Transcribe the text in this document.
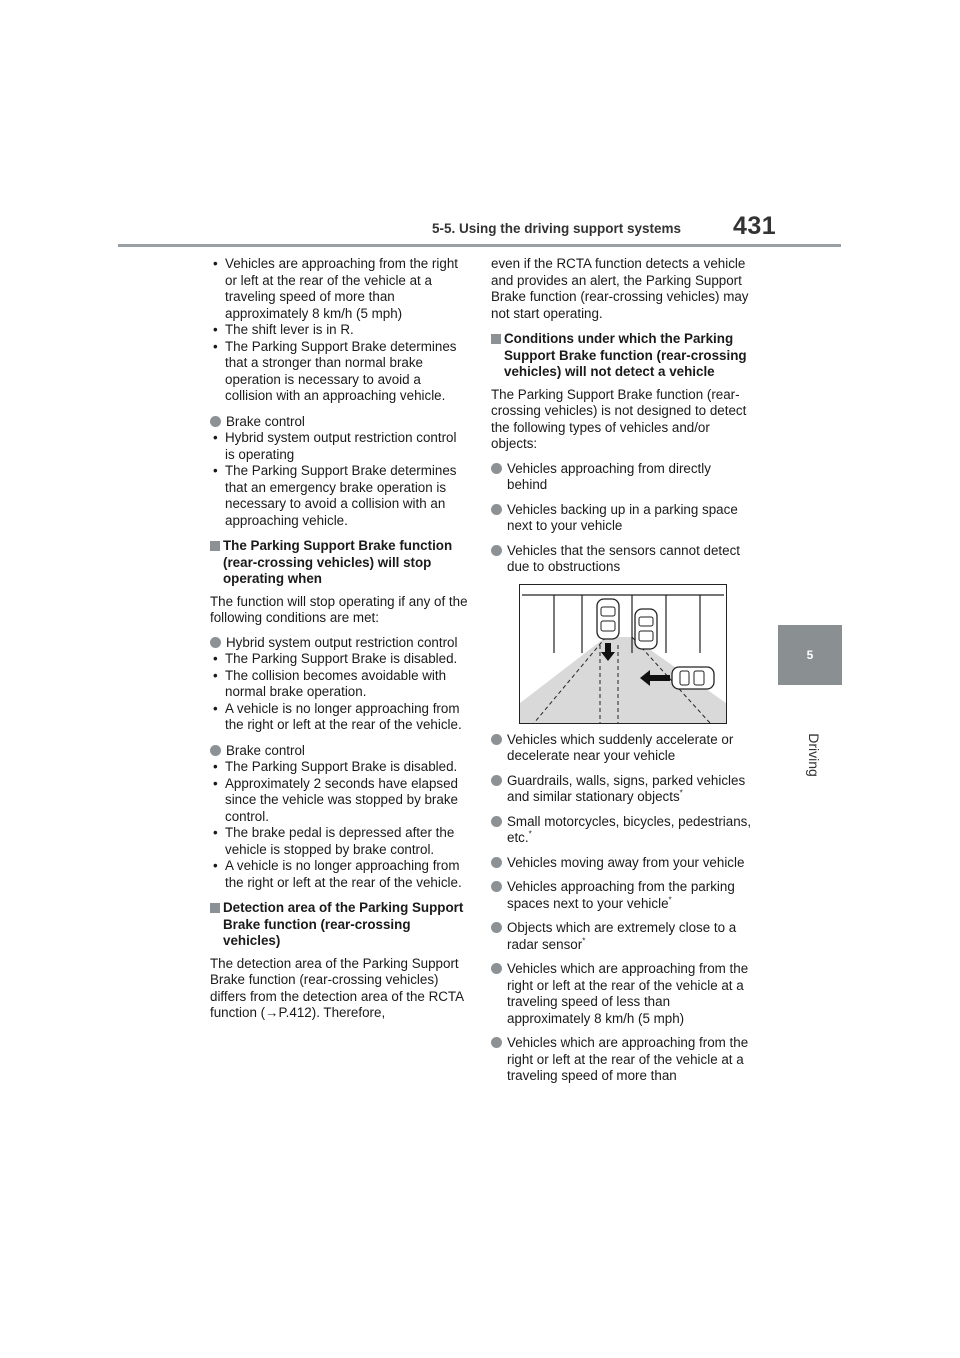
5-5. Using the driving support systems 431
5
Driving
• Vehicles are approaching from the right or left at the rear of the vehicle at a traveling speed of more than approximately 8 km/h (5 mph)
• The shift lever is in R.
• The Parking Support Brake determines that a stronger than normal brake operation is necessary to avoid a collision with an approaching vehicle.
Brake control
• Hybrid system output restriction control is operating
• The Parking Support Brake determines that an emergency brake operation is necessary to avoid a collision with an approaching vehicle.
The Parking Support Brake function (rear-crossing vehicles) will stop operating when
The function will stop operating if any of the following conditions are met:
Hybrid system output restriction control
• The Parking Support Brake is disabled.
• The collision becomes avoidable with normal brake operation.
• A vehicle is no longer approaching from the right or left at the rear of the vehicle.
Brake control
• The Parking Support Brake is disabled.
• Approximately 2 seconds have elapsed since the vehicle was stopped by brake control.
• The brake pedal is depressed after the vehicle is stopped by brake control.
• A vehicle is no longer approaching from the right or left at the rear of the vehicle.
Detection area of the Parking Support Brake function (rear-crossing vehicles)
The detection area of the Parking Support Brake function (rear-crossing vehicles) differs from the detection area of the RCTA function (→P.412). Therefore,
even if the RCTA function detects a vehicle and provides an alert, the Parking Support Brake function (rear-crossing vehicles) may not start operating.
Conditions under which the Parking Support Brake function (rear-crossing vehicles) will not detect a vehicle
The Parking Support Brake function (rear-crossing vehicles) is not designed to detect the following types of vehicles and/or objects:
Vehicles approaching from directly behind
Vehicles backing up in a parking space next to your vehicle
Vehicles that the sensors cannot detect due to obstructions
Vehicles which suddenly accelerate or decelerate near your vehicle
Guardrails, walls, signs, parked vehicles and similar stationary objects*
Small motorcycles, bicycles, pedestrians, etc.*
Vehicles moving away from your vehicle
Vehicles approaching from the parking spaces next to your vehicle*
Objects which are extremely close to a radar sensor*
Vehicles which are approaching from the right or left at the rear of the vehicle at a traveling speed of less than approximately 8 km/h (5 mph)
Vehicles which are approaching from the right or left at the rear of the vehicle at a traveling speed of more than
